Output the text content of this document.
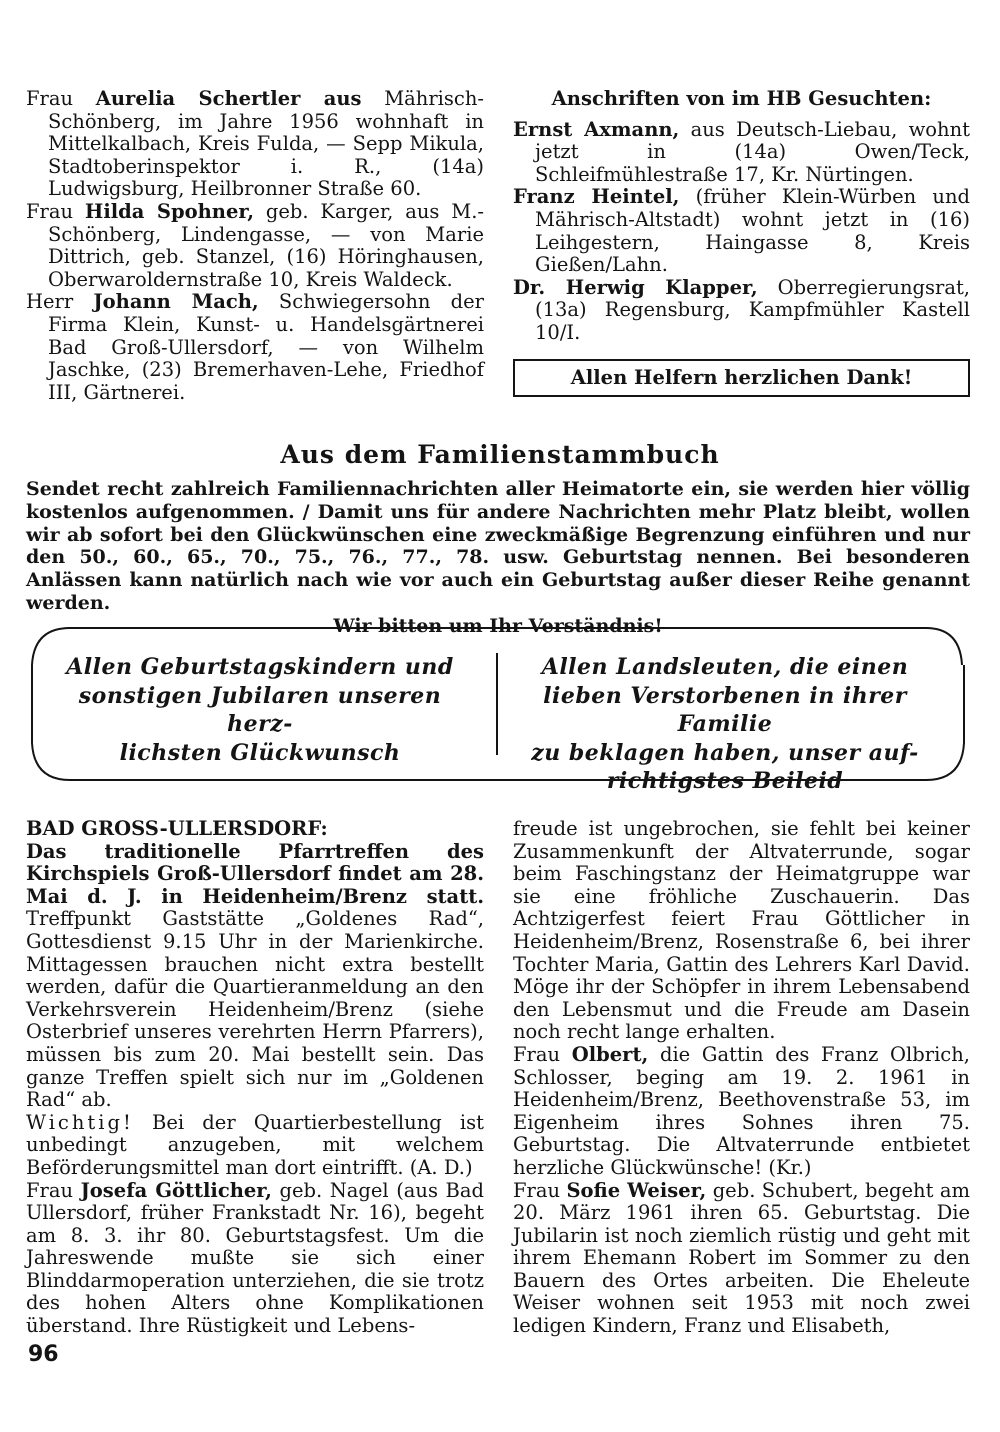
Frau Aurelia Schertler aus Mährisch-Schönberg, im Jahre 1956 wohnhaft in Mittelkalbach, Kreis Fulda, — Sepp Mikula, Stadtoberinspektor i. R., (14a) Ludwigsburg, Heilbronner Straße 60.

Frau Hilda Spohner, geb. Karger, aus M.-Schönberg, Lindengasse, — von Marie Dittrich, geb. Stanzel, (16) Höringhausen, Oberwaroldernstraße 10, Kreis Waldeck.

Herr Johann Mach, Schwiegersohn der Firma Klein, Kunst- u. Handelsgärtnerei Bad Groß-Ullersdorf, — von Wilhelm Jaschke, (23) Bremerhaven-Lehe, Friedhof III, Gärtnerei.

Anschriften von im HB Gesuchten:

Ernst Axmann, aus Deutsch-Liebau, wohnt jetzt in (14a) Owen/Teck, Schleifmühlestraße 17, Kr. Nürtingen.

Franz Heintel, (früher Klein-Würben und Mährisch-Altstadt) wohnt jetzt in (16) Leihgestern, Haingasse 8, Kreis Gießen/Lahn.

Dr. Herwig Klapper, Oberregierungsrat, (13a) Regensburg, Kampfmühler Kastell 10/I.

Allen Helfern herzlichen Dank!
Aus dem Familienstammbuch
Sendet recht zahlreich Familiennachrichten aller Heimatorte ein, sie werden hier völlig kostenlos aufgenommen. / Damit uns für andere Nachrichten mehr Platz bleibt, wollen wir ab sofort bei den Glückwünschen eine zweckmäßige Begrenzung einführen und nur den 50., 60., 65., 70., 75., 76., 77., 78. usw. Geburtstag nennen. Bei besonderen Anlässen kann natürlich nach wie vor auch ein Geburtstag außer dieser Reihe genannt werden.
Wir bitten um Ihr Verständnis!
Allen Geburtstagskindern und
sonstigen Jubilaren unseren herz-
lichsten Glückwunsch
Allen Landsleuten, die einen
lieben Verstorbenen in ihrer Familie
zu beklagen haben, unser auf-
richtigstes Beileid

BAD GROSS-ULLERSDORF:

Das traditionelle Pfarrtreffen des Kirchspiels Groß-Ullersdorf findet am 28. Mai d. J. in Heidenheim/Brenz statt. Treffpunkt Gaststätte „Goldenes Rad“, Gottesdienst 9.15 Uhr in der Marienkirche. Mittagessen brauchen nicht extra bestellt werden, dafür die Quartieranmeldung an den Verkehrsverein Heidenheim/Brenz (siehe Osterbrief unseres verehrten Herrn Pfarrers), müssen bis zum 20. Mai bestellt sein. Das ganze Treffen spielt sich nur im „Goldenen Rad“ ab.

Wichtig! Bei der Quartierbestellung ist unbedingt anzugeben, mit welchem Beförderungsmittel man dort eintrifft. (A. D.)

Frau Josefa Göttlicher, geb. Nagel (aus Bad Ullersdorf, früher Frankstadt Nr. 16), begeht am 8. 3. ihr 80. Geburtstagsfest. Um die Jahreswende mußte sie sich einer Blinddarmoperation unterziehen, die sie trotz des hohen Alters ohne Komplikationen überstand. Ihre Rüstigkeit und Lebens-

freude ist ungebrochen, sie fehlt bei keiner Zusammenkunft der Altvaterrunde, sogar beim Faschingstanz der Heimatgruppe war sie eine fröhliche Zuschauerin. Das Achtzigerfest feiert Frau Göttlicher in Heidenheim/Brenz, Rosenstraße 6, bei ihrer Tochter Maria, Gattin des Lehrers Karl David. Möge ihr der Schöpfer in ihrem Lebensabend den Lebensmut und die Freude am Dasein noch recht lange erhalten.

Frau Olbert, die Gattin des Franz Olbrich, Schlosser, beging am 19. 2. 1961 in Heidenheim/Brenz, Beethovenstraße 53, im Eigenheim ihres Sohnes ihren 75. Geburtstag. Die Altvaterrunde entbietet herzliche Glückwünsche! (Kr.)

Frau Sofie Weiser, geb. Schubert, begeht am 20. März 1961 ihren 65. Geburtstag. Die Jubilarin ist noch ziemlich rüstig und geht mit ihrem Ehemann Robert im Sommer zu den Bauern des Ortes arbeiten. Die Eheleute Weiser wohnen seit 1953 mit noch zwei ledigen Kindern, Franz und Elisabeth,

96
